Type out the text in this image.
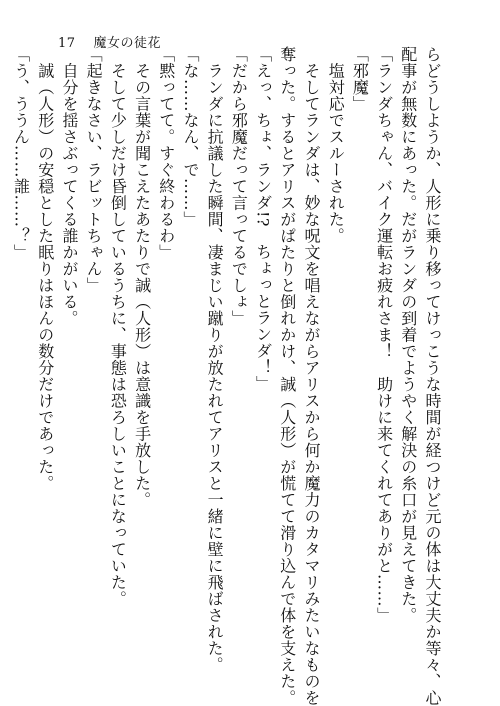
17 魔女の徒花
らどうしようか、人形に乗り移ってけっこうな時間が経つけど元の体は大丈夫か等々、心
配事が無数にあった。だがランダの到着でようやく解決の糸口が見えてきた。
「ランダちゃん、バイク運転お疲れさま！　助けに来てくれてありがと……」
「邪魔」
　塩対応でスルーされた。
　そしてランダは、妙な呪文を唱えながらアリスから何か魔力のカタマリみたいなものを
奪った。するとアリスがぱたりと倒れかけ、誠（人形）が慌てて滑り込んで体を支えた。
「えっ、ちょ、ランダ!?　ちょっとランダ！」
「だから邪魔だって言ってるでしょ」
　ランダに抗議した瞬間、凄まじい蹴りが放たれてアリスと一緒に壁に飛ばされた。
「な……なん、で……」
「黙ってて。すぐ終わるわ」
　その言葉が聞こえたあたりで誠（人形）は意識を手放した。
　そして少しだけ昏倒しているうちに、事態は恐ろしいことになっていた。
「起きなさい、ラビットちゃん」
　自分を揺さぶってくる誰かがいる。
　誠（人形）の安穏とした眠りはほんの数分だけであった。
「う、ううん……誰……？」
